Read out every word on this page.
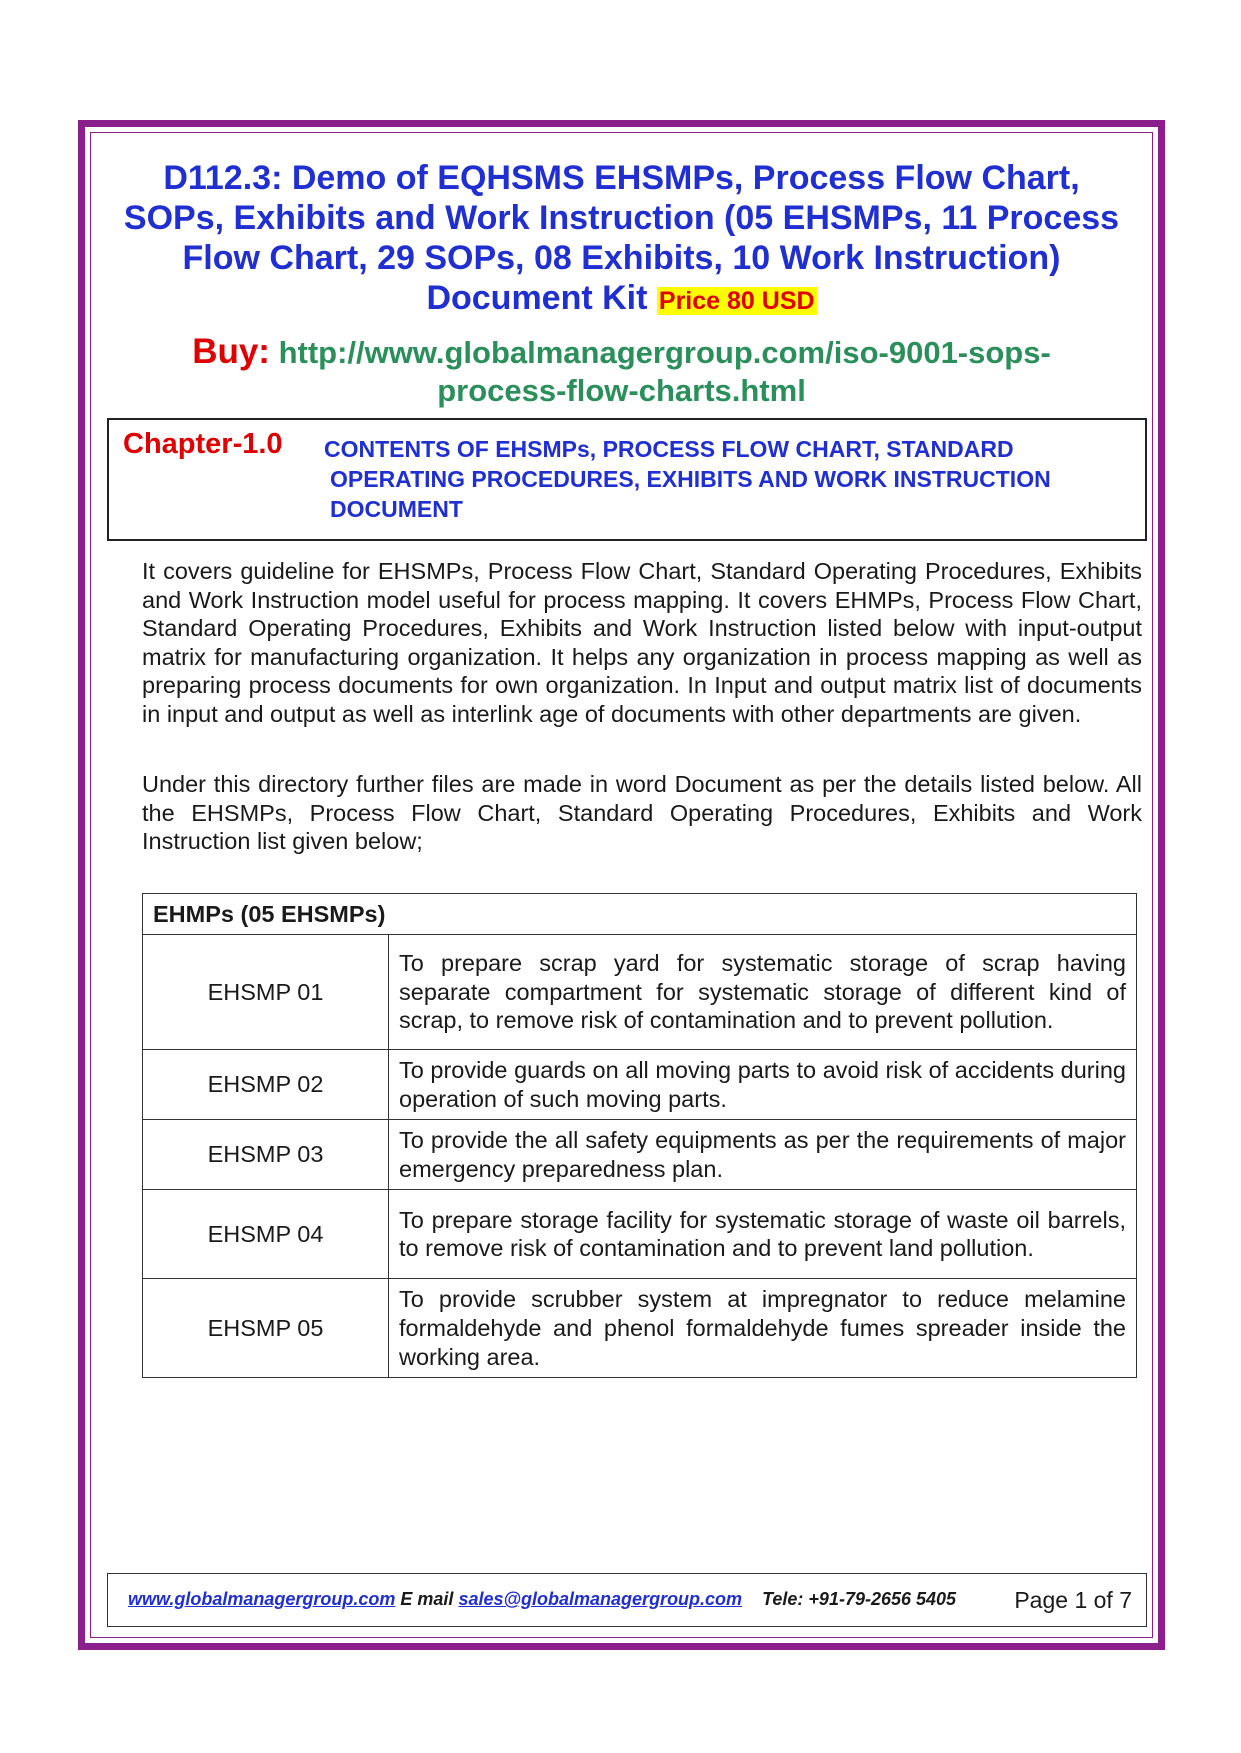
D112.3: Demo of EQHSMS EHSMPs, Process Flow Chart,
SOPs, Exhibits and Work Instruction (05 EHSMPs, 11 Process
Flow Chart, 29 SOPs, 08 Exhibits, 10 Work Instruction)
Document Kit Price 80 USD
Buy: http://www.globalmanagergroup.com/iso-9001-sops-
process-flow-charts.html
Chapter-1.0 CONTENTS OF EHSMPs, PROCESS FLOW CHART, STANDARD
OPERATING PROCEDURES, EXHIBITS AND WORK INSTRUCTION
DOCUMENT
It covers guideline for EHSMPs, Process Flow Chart, Standard Operating Procedures, Exhibits and Work Instruction model useful for process mapping. It covers EHMPs, Process Flow Chart, Standard Operating Procedures, Exhibits and Work Instruction listed below with input-output matrix for manufacturing organization. It helps any organization in process mapping as well as preparing process documents for own organization. In Input and output matrix list of documents in input and output as well as interlink age of documents with other departments are given.
Under this directory further files are made in word Document as per the details listed below. All the EHSMPs, Process Flow Chart, Standard Operating Procedures, Exhibits and Work Instruction list given below;
EHMPs (05 EHSMPs)	
EHSMP 01	To prepare scrap yard for systematic storage of scrap having separate compartment for systematic storage of different kind of scrap, to remove risk of contamination and to prevent pollution.
EHSMP 02	To provide guards on all moving parts to avoid risk of accidents during operation of such moving parts.
EHSMP 03	To provide the all safety equipments as per the requirements of major emergency preparedness plan.
EHSMP 04	To prepare storage facility for systematic storage of waste oil barrels, to remove risk of contamination and to prevent land pollution.
EHSMP 05	To provide scrubber system at impregnator to reduce melamine formaldehyde and phenol formaldehyde fumes spreader inside the working area.
www.globalmanagergroup.com E mail sales@globalmanagergroup.com Tele: +91-79-2656 5405	Page 1 of 7
